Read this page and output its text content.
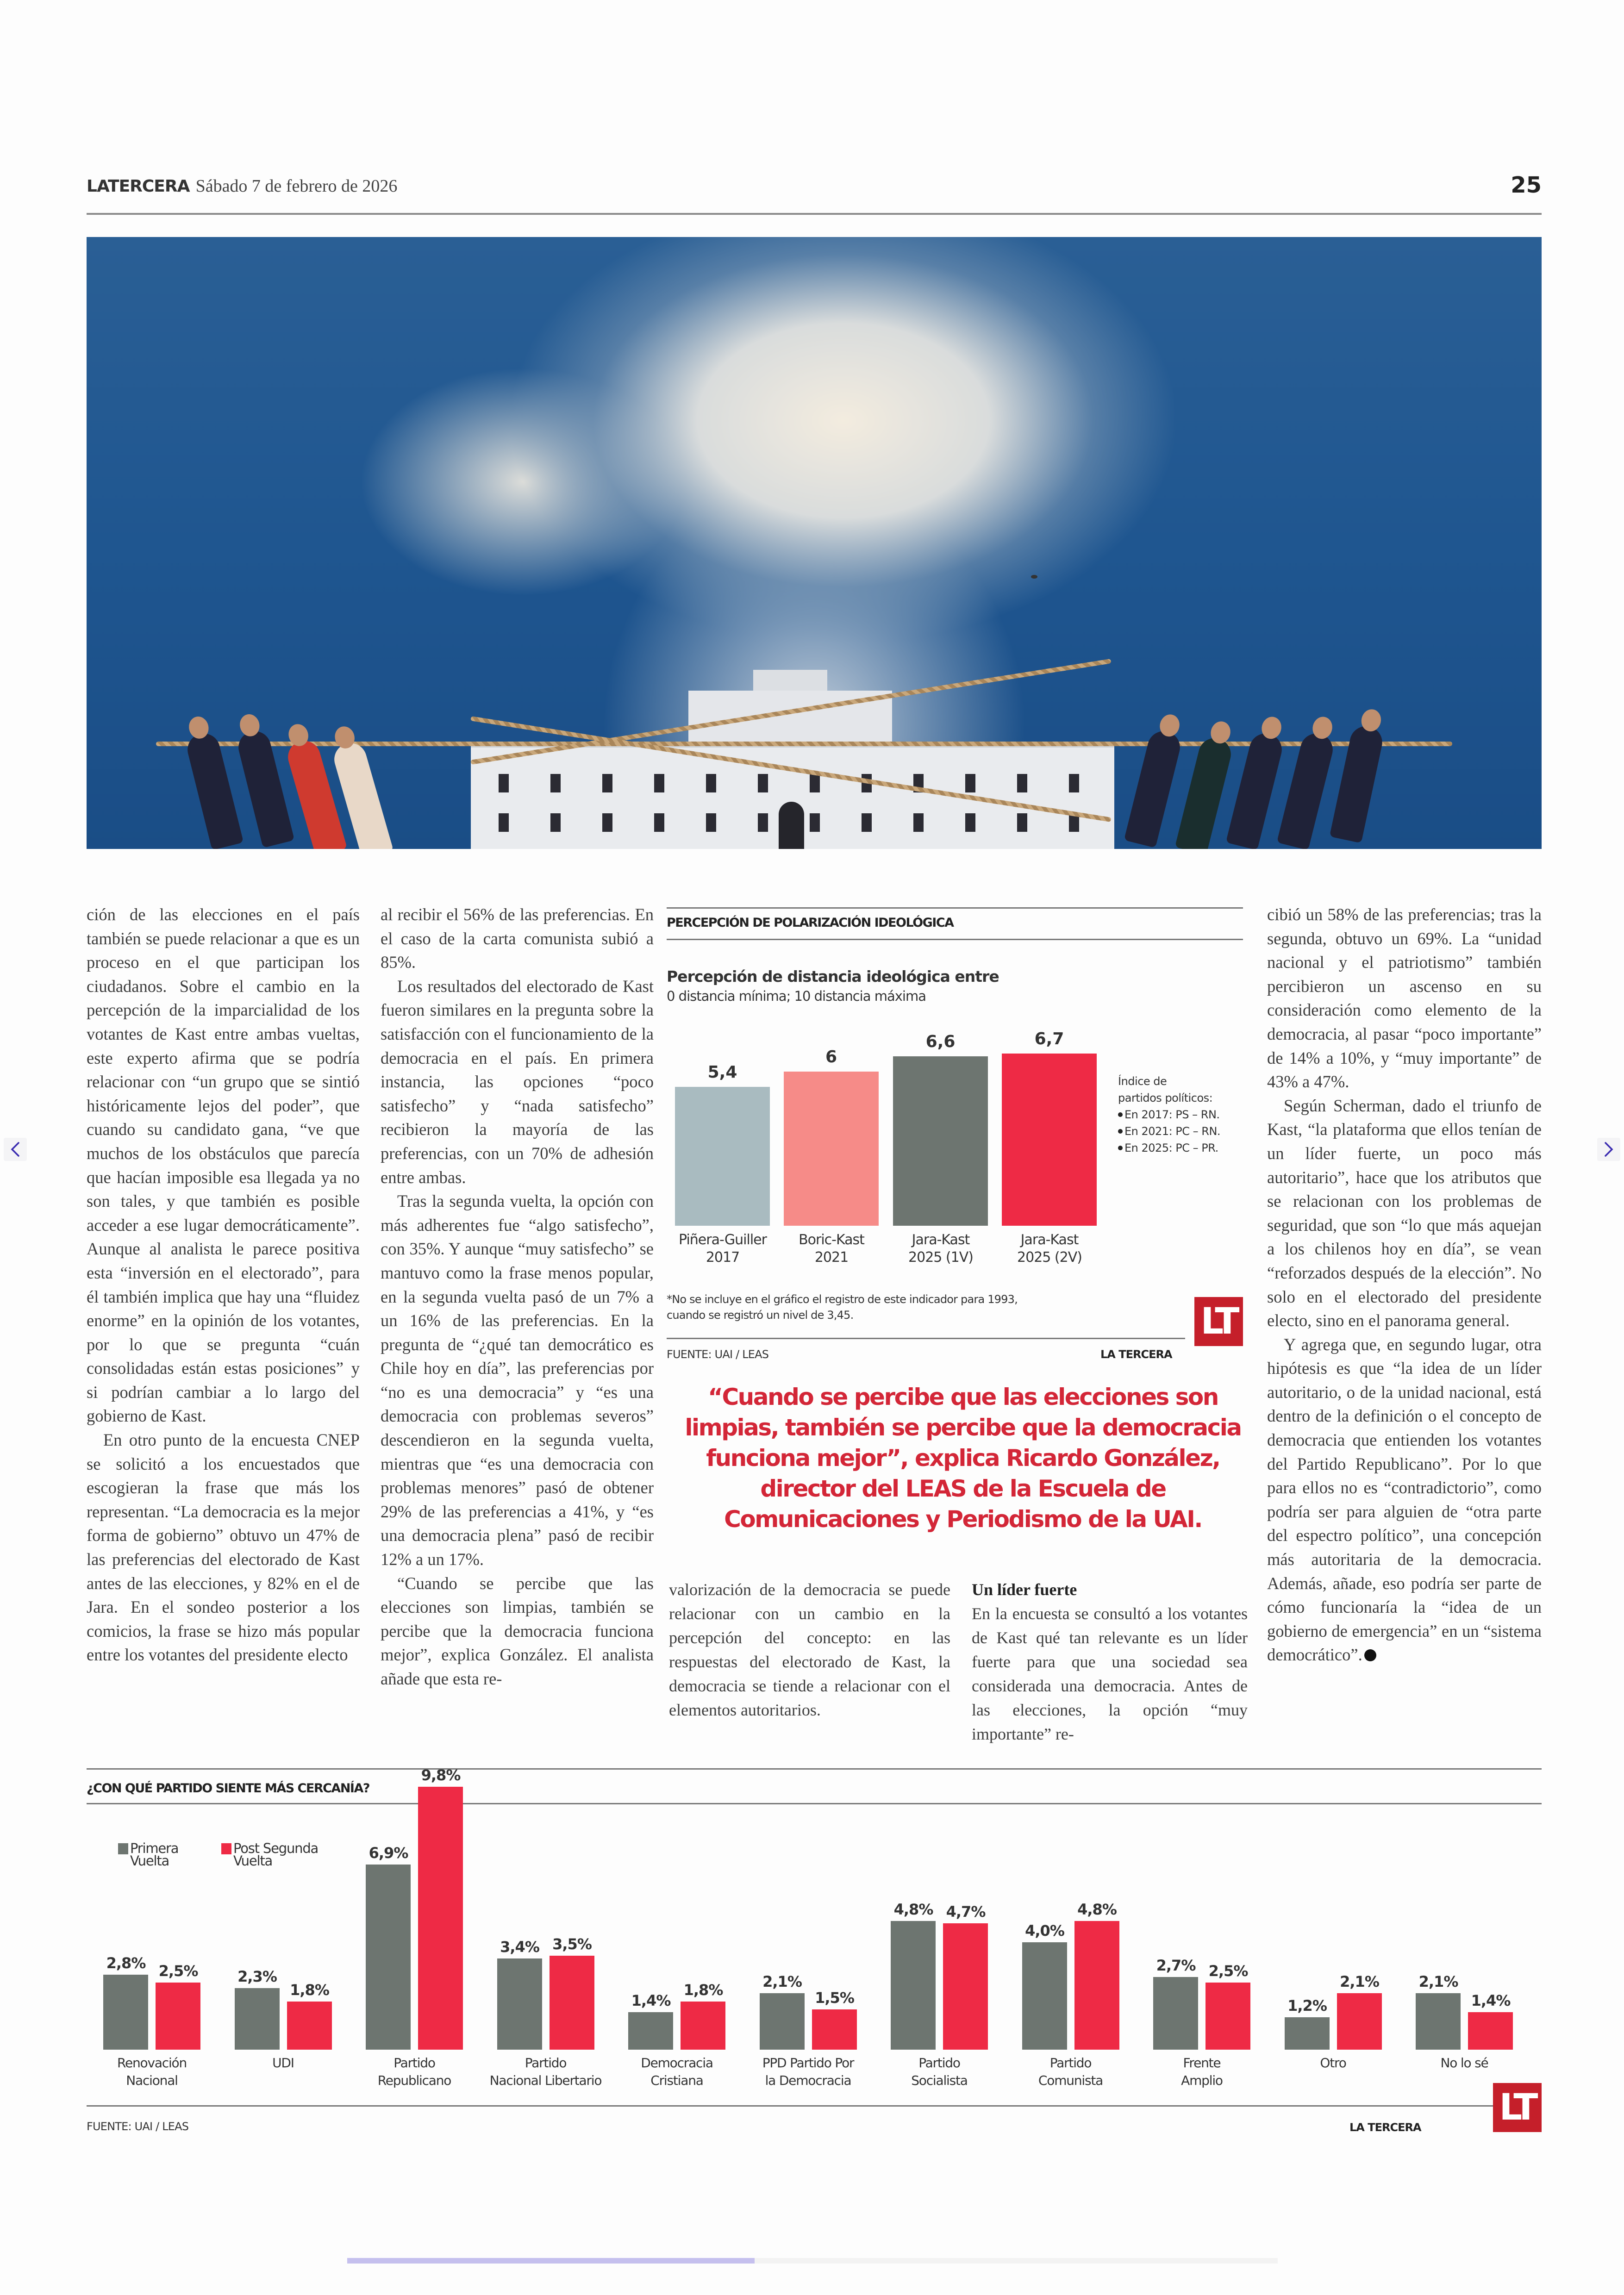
LATERCERA Sábado 7 de febrero de 2026	25

ción de las elecciones en el país también se puede relacionar a que es un proceso en el que participan los ciudadanos. Sobre el cambio en la percepción de la imparcialidad de los votantes de Kast entre ambas vueltas, este experto afirma que se podría relacionar con “un grupo que se sintió históricamente lejos del poder”, que cuando su candidato gana, “ve que muchos de los obstáculos que parecía que hacían imposible esa llegada ya no son tales, y que también es posible acceder a ese lugar democráticamente”. Aunque al analista le parece positiva esta “inversión en el electorado”, para él también implica que hay una “fluidez enorme” en la opinión de los votantes, por lo que se pregunta “cuán consolidadas están estas posiciones” y si podrían cambiar a lo largo del gobierno de Kast.

En otro punto de la encuesta CNEP se solicitó a los encuestados que escogieran la frase que más los representan. “La democracia es la mejor forma de gobierno” obtuvo un 47% de las preferencias del electorado de Kast antes de las elecciones, y 82% en el de Jara. En el sondeo posterior a los comicios, la frase se hizo más popular entre los votantes del presidente electo

al recibir el 56% de las preferencias. En el caso de la carta comunista subió a 85%.

Los resultados del electorado de Kast fueron similares en la pregunta sobre la satisfacción con el funcionamiento de la democracia en el país. En primera instancia, las opciones “poco satisfecho” y “nada satisfecho” recibieron la mayoría de las preferencias, con un 70% de adhesión entre ambas.

Tras la segunda vuelta, la opción con más adherentes fue “algo satisfecho”, con 35%. Y aunque “muy satisfecho” se mantuvo como la frase menos popular, en la segunda vuelta pasó de un 7% a un 16% de las preferencias. En la pregunta de “¿qué tan democrático es Chile hoy en día”, las preferencias por “no es una democracia” y “es una democracia con problemas severos” descendieron en la segunda vuelta, mientras que “es una democracia con problemas menores” pasó de obtener 29% de las preferencias a 41%, y “es una democracia plena” pasó de recibir 12% a un 17%.

“Cuando se percibe que las elecciones son limpias, también se percibe que la democracia funciona mejor”, explica González. El analista añade que esta re-

PERCEPCIÓN DE POLARIZACIÓN IDEOLÓGICA
Percepción de distancia ideológica entre
0 distancia mínima; 10 distancia máxima
5,4
Piñera-Guiller
2017
6
Boric-Kast
2021
6,6
Jara-Kast
2025 (1V)
6,7
Jara-Kast
2025 (2V)
Índice de
partidos políticos:
En 2017: PS – RN.
En 2021: PC – RN.
En 2025: PC – PR.
*No se incluye en el gráfico el registro de este indicador para 1993,
cuando se registró un nivel de 3,45.
FUENTE: UAI / LEAS	LA TERCERA
LT
“Cuando se percibe que las elecciones son limpias, también se percibe que la democracia funciona mejor”, explica Ricardo González, director del LEAS de la Escuela de Comunicaciones y Periodismo de la UAI.

valorización de la democracia se puede relacionar con un cambio en la percepción del concepto: en las respuestas del electorado de Kast, la democracia se tiende a relacionar con el elementos autoritarios.

Un líder fuerte

En la encuesta se consultó a los votantes de Kast qué tan relevante es un líder fuerte para que una sociedad sea considerada una democracia. Antes de las elecciones, la opción “muy importante” re-

cibió un 58% de las preferencias; tras la segunda, obtuvo un 69%. La “unidad nacional y el patriotismo” también percibieron un ascenso en su consideración como elemento de la democracia, al pasar “poco importante” de 14% a 10%, y “muy importante” de 43% a 47%.

Según Scherman, dado el triunfo de Kast, “la plataforma que ellos tenían de un líder fuerte, un poco más autoritario”, hace que los atributos que se relacionan con los problemas de seguridad, que son “lo que más aquejan a los chilenos hoy en día”, se vean “reforzados después de la elección”. No solo en el electorado del presidente electo, sino en el panorama general.

Y agrega que, en segundo lugar, otra hipótesis es que “la idea de un líder autoritario, o de la unidad nacional, está dentro de la definición o el concepto de democracia que entienden los votantes del Partido Republicano”. Por lo que para ellos no es “contradictorio”, como podría ser para alguien de “otra parte del espectro político”, una concepción más autoritaria de la democracia. Además, añade, eso podría ser parte de cómo funcionaría la “idea de un gobierno de emergencia” en un “sistema democrático”.

¿CON QUÉ PARTIDO SIENTE MÁS CERCANÍA?
Primera
Vuelta
Post Segunda
Vuelta
2,8% 2,5%
Renovación
Nacional
2,3%
1,8%
UDI
6,9%
9,8%
Partido
Republicano
3,4% 3,5%
Partido
Nacional Libertario
1,4%
1,8%
Democracia
Cristiana
2,1%
1,5%
PPD Partido Por
la Democracia
4,8% 4,7%
Partido
Socialista
4,0%
4,8%
Partido
Comunista
2,7% 2,5%
Frente
Amplio
1,2%
2,1%
Otro
2,1%
1,4%
No lo sé
FUENTE: UAI / LEAS	LA TERCERA LT
